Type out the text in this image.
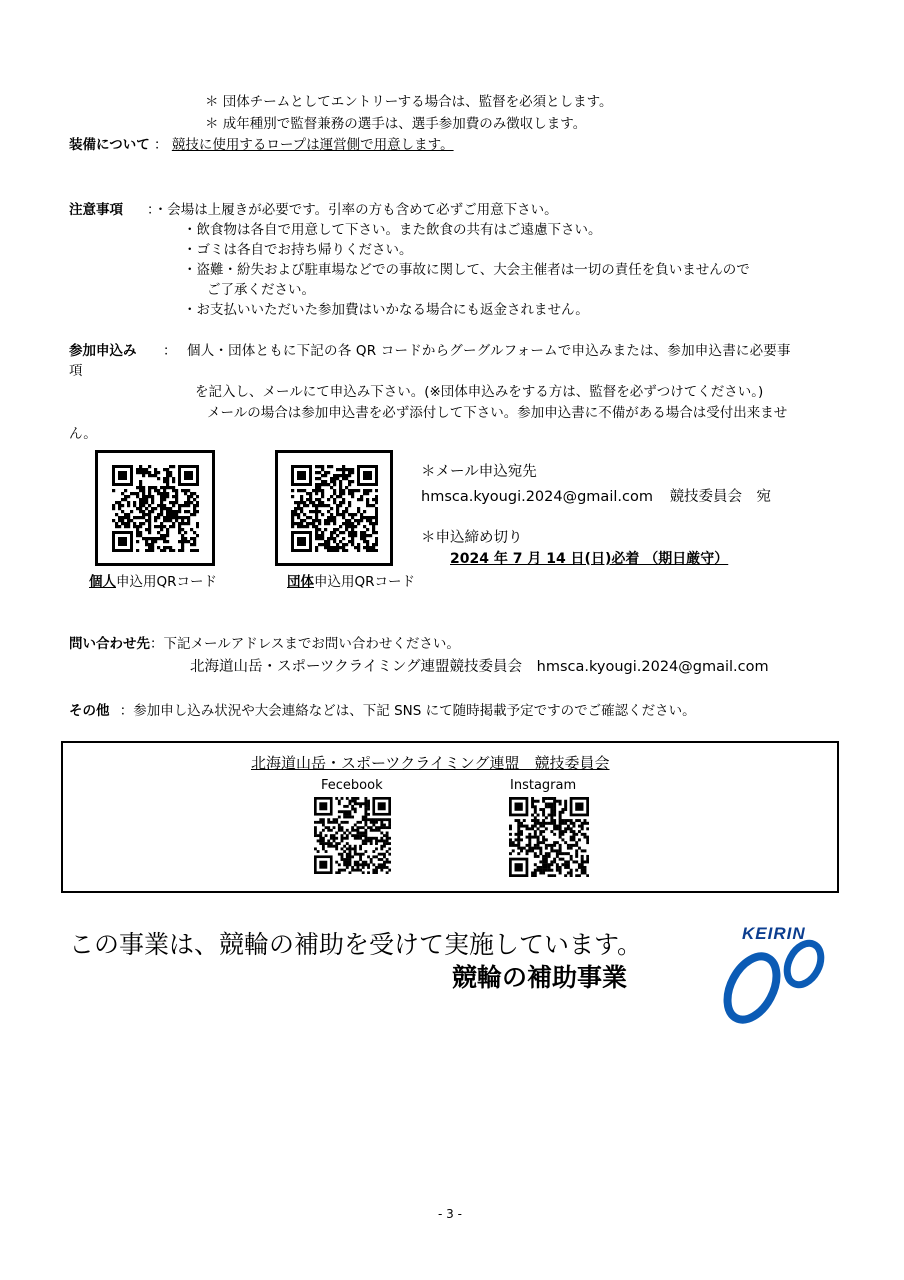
＊ 団体チームとしてエントリーする場合は、監督を必須とします。
＊ 成年種別で監督兼務の選手は、選手参加費のみ徴収します。
装備について ： 競技に使用するロープは運営側で用意します。
注意事項 ：・会場は上履きが必要です。引率の方も含めて必ずご用意下さい。
・飲食物は各自で用意して下さい。また飲食の共有はご遠慮下さい。
・ゴミは各自でお持ち帰りください。
・盗難・紛失および駐車場などでの事故に関して、大会主催者は一切の責任を負いませんので
ご了承ください。
・お支払いいただいた参加費はいかなる場合にも返金されません。
参加申込み ： 個人・団体ともに下記の各 QR コードからグーグルフォームで申込みまたは、参加申込書に必要事
項
を記入し、メールにて申込み下さい。(※団体申込みをする方は、監督を必ずつけてください。)
メールの場合は参加申込書を必ず添付して下さい。参加申込書に不備がある場合は受付出来ませ
ん。
個人申込用QRコード	団体申込用QRコード
＊メール申込宛先
hmsca.kyougi.2024@gmail.com 競技委員会　宛
＊申込締め切り
2024 年 7 月 14 日(日)必着 （期日厳守）
問い合わせ先：下記メールアドレスまでお問い合わせください。
北海道山岳・スポーツクライミング連盟競技委員会 hmsca.kyougi.2024@gmail.com
その他 ：参加申し込み状況や大会連絡などは、下記 SNS にて随時掲載予定ですのでご確認ください。
北海道山岳・スポーツクライミング連盟　競技委員会
Fecebook	Instagram
この事業は、競輪の補助を受けて実施しています。
競輪の補助事業
KEIRIN
- 3 -
